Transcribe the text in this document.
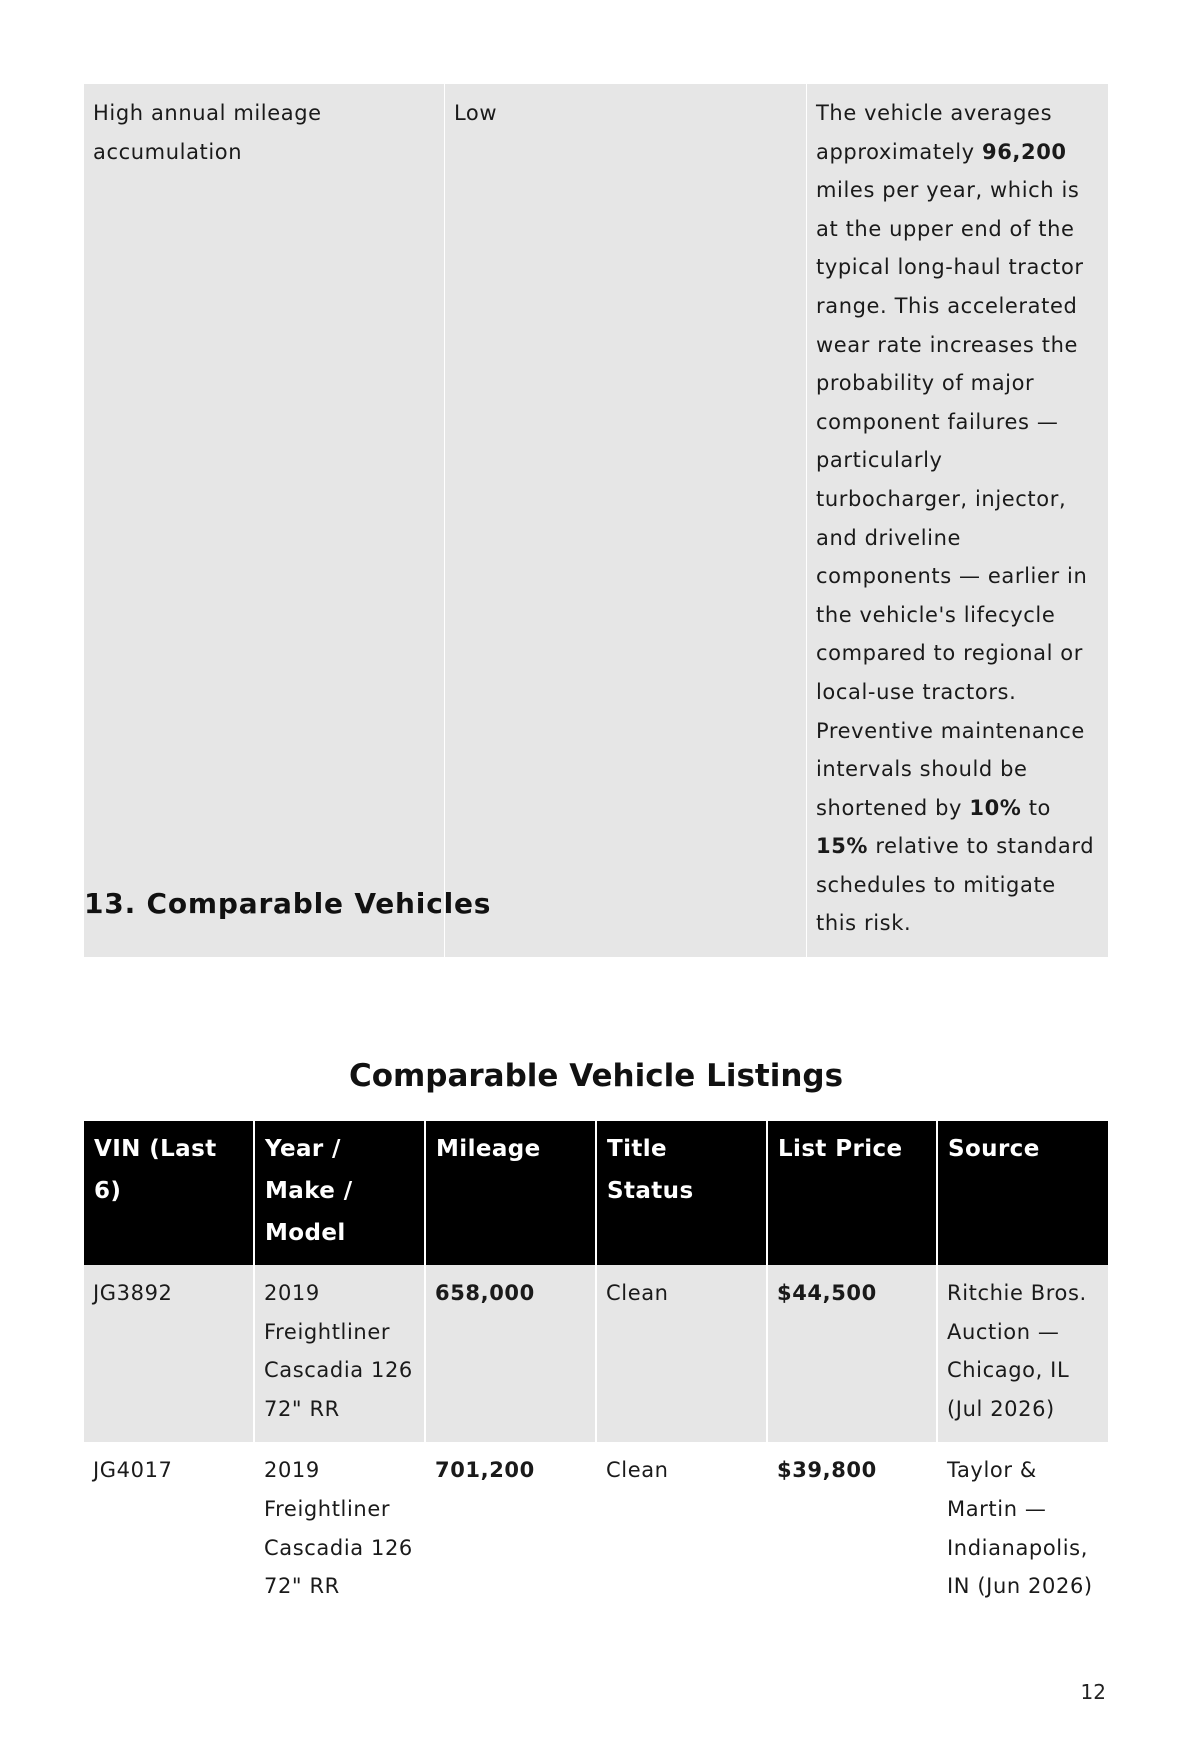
High annual mileage accumulation	Low	The vehicle averages approximately 96,200 miles per year, which is at the upper end of the typical long-haul tractor range. This accelerated wear rate increases the probability of major component failures — particularly turbocharger, injector, and driveline components — earlier in the vehicle's lifecycle compared to regional or local-use tractors. Preventive maintenance intervals should be shortened by 10% to 15% relative to standard schedules to mitigate this risk.
13. Comparable Vehicles
Comparable Vehicle Listings
VIN (Last 6)	Year / Make / Model	Mileage	Title Status	List Price	Source
JG3892	2019 Freightliner Cascadia 126 72" RR	658,000	Clean	$44,500	Ritchie Bros. Auction — Chicago, IL (Jul 2026)
JG4017	2019 Freightliner Cascadia 126 72" RR	701,200	Clean	$39,800	Taylor & Martin — Indianapolis, IN (Jun 2026)
12
